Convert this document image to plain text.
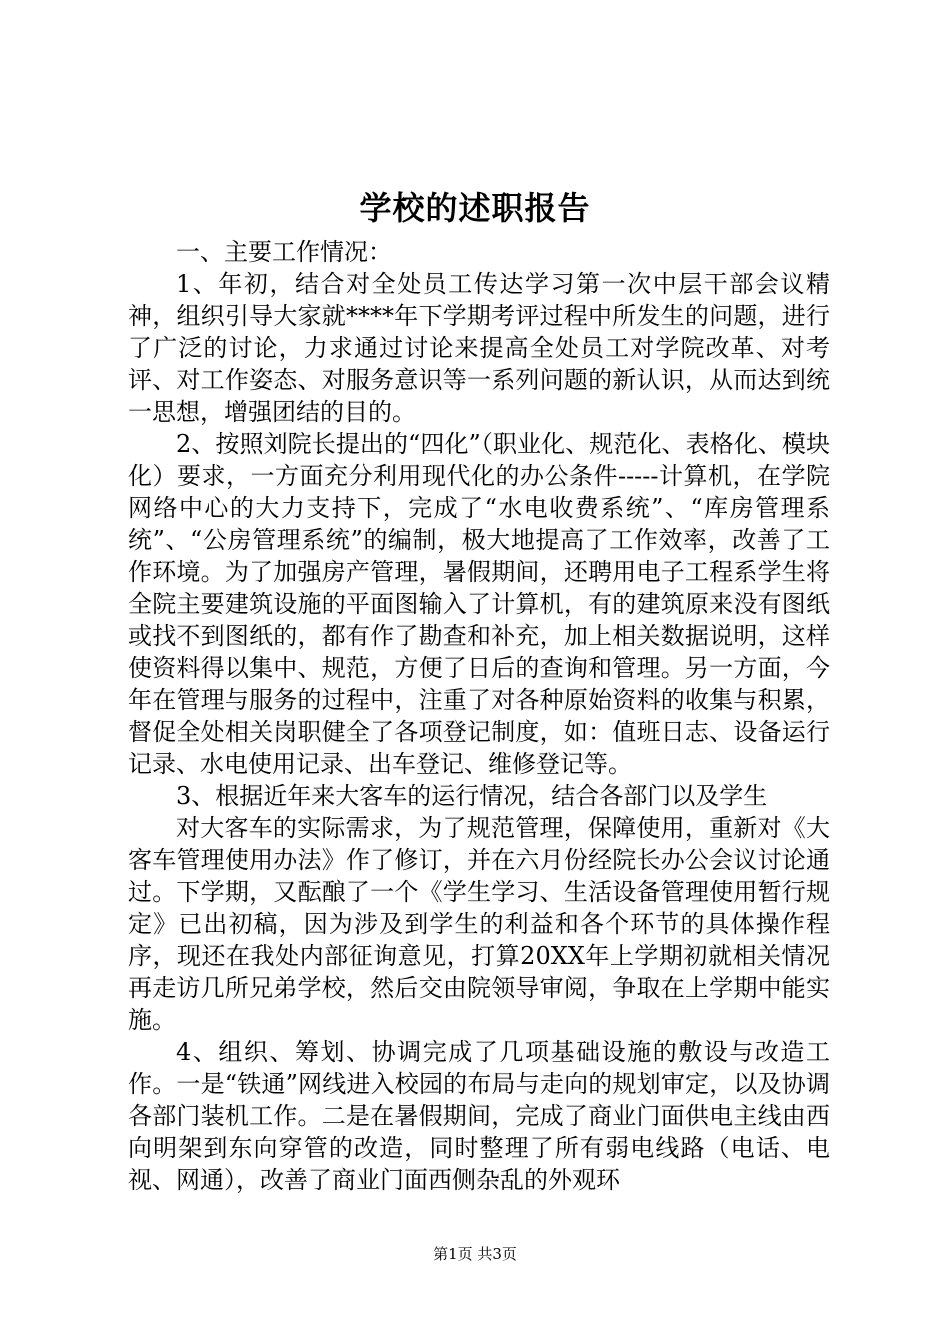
学校的述职报告

一、主要工作情况：

1、年初，结合对全处员工传达学习第一次中层干部会议精神，组织引导大家就****年下学期考评过程中所发生的问题，进行了广泛的讨论，力求通过讨论来提高全处员工对学院改革、对考评、对工作姿态、对服务意识等一系列问题的新认识，从而达到统一思想，增强团结的目的。

2、按照刘院长提出的“四化”（职业化、规范化、表格化、模块化）要求，一方面充分利用现代化的办公条件-----计算机，在学院网络中心的大力支持下，完成了“水电收费系统”、“库房管理系统”、“公房管理系统”的编制，极大地提高了工作效率，改善了工作环境。为了加强房产管理，暑假期间，还聘用电子工程系学生将全院主要建筑设施的平面图输入了计算机，有的建筑原来没有图纸或找不到图纸的，都有作了勘查和补充，加上相关数据说明，这样使资料得以集中、规范，方便了日后的查询和管理。另一方面，今年在管理与服务的过程中，注重了对各种原始资料的收集与积累，督促全处相关岗职健全了各项登记制度，如：值班日志、设备运行记录、水电使用记录、出车登记、维修登记等。

3、根据近年来大客车的运行情况，结合各部门以及学生

对大客车的实际需求，为了规范管理，保障使用，重新对《大客车管理使用办法》作了修订，并在六月份经院长办公会议讨论通过。下学期，又酝酿了一个《学生学习、生活设备管理使用暂行规定》已出初稿，因为涉及到学生的利益和各个环节的具体操作程序，现还在我处内部征询意见，打算20XX年上学期初就相关情况再走访几所兄弟学校，然后交由院领导审阅，争取在上学期中能实施。

4、组织、筹划、协调完成了几项基础设施的敷设与改造工作。一是“铁通”网线进入校园的布局与走向的规划审定，以及协调各部门装机工作。二是在暑假期间，完成了商业门面供电主线由西向明架到东向穿管的改造，同时整理了所有弱电线路（电话、电视、网通），改善了商业门面西侧杂乱的外观环

第1页 共3页
